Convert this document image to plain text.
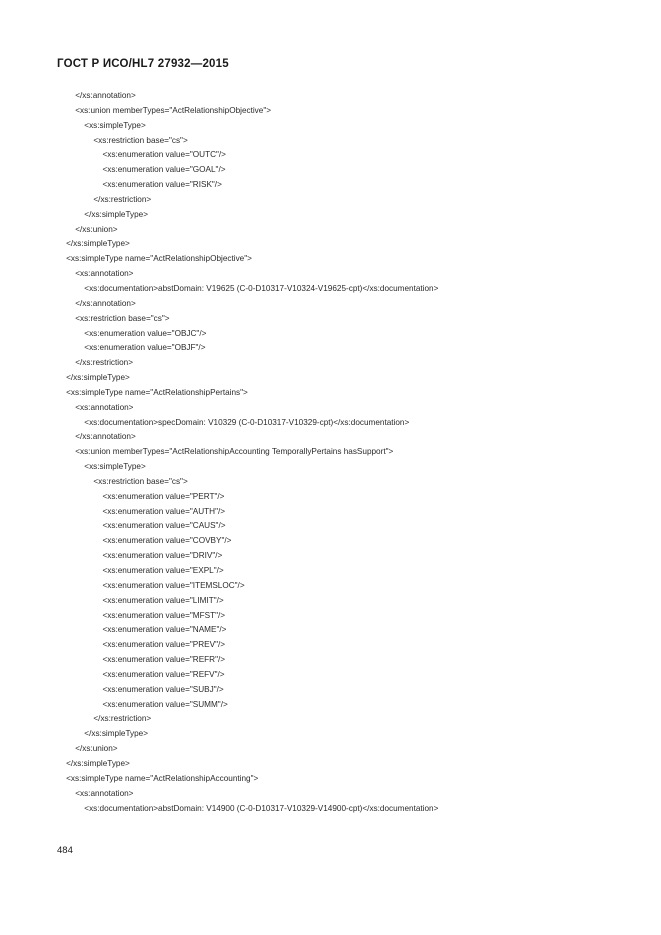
ГОСТ Р ИСО/HL7 27932—2015
</xs:annotation>
<xs:union memberTypes="ActRelationshipObjective">
<xs:simpleType>
<xs:restriction base="cs">
<xs:enumeration value="OUTC"/>
<xs:enumeration value="GOAL"/>
<xs:enumeration value="RISK"/>
</xs:restriction>
</xs:simpleType>
</xs:union>
</xs:simpleType>
<xs:simpleType name="ActRelationshipObjective">
<xs:annotation>
<xs:documentation>abstDomain: V19625 (C-0-D10317-V10324-V19625-cpt)</xs:documentation>
</xs:annotation>
<xs:restriction base="cs">
<xs:enumeration value="OBJC"/>
<xs:enumeration value="OBJF"/>
</xs:restriction>
</xs:simpleType>
<xs:simpleType name="ActRelationshipPertains">
<xs:annotation>
<xs:documentation>specDomain: V10329 (C-0-D10317-V10329-cpt)</xs:documentation>
</xs:annotation>
<xs:union memberTypes="ActRelationshipAccounting TemporallyPertains hasSupport">
<xs:simpleType>
<xs:restriction base="cs">
<xs:enumeration value="PERT"/>
<xs:enumeration value="AUTH"/>
<xs:enumeration value="CAUS"/>
<xs:enumeration value="COVBY"/>
<xs:enumeration value="DRIV"/>
<xs:enumeration value="EXPL"/>
<xs:enumeration value="ITEMSLOC"/>
<xs:enumeration value="LIMIT"/>
<xs:enumeration value="MFST"/>
<xs:enumeration value="NAME"/>
<xs:enumeration value="PREV"/>
<xs:enumeration value="REFR"/>
<xs:enumeration value="REFV"/>
<xs:enumeration value="SUBJ"/>
<xs:enumeration value="SUMM"/>
</xs:restriction>
</xs:simpleType>
</xs:union>
</xs:simpleType>
<xs:simpleType name="ActRelationshipAccounting">
<xs:annotation>
<xs:documentation>abstDomain: V14900 (C-0-D10317-V10329-V14900-cpt)</xs:documentation>
484
